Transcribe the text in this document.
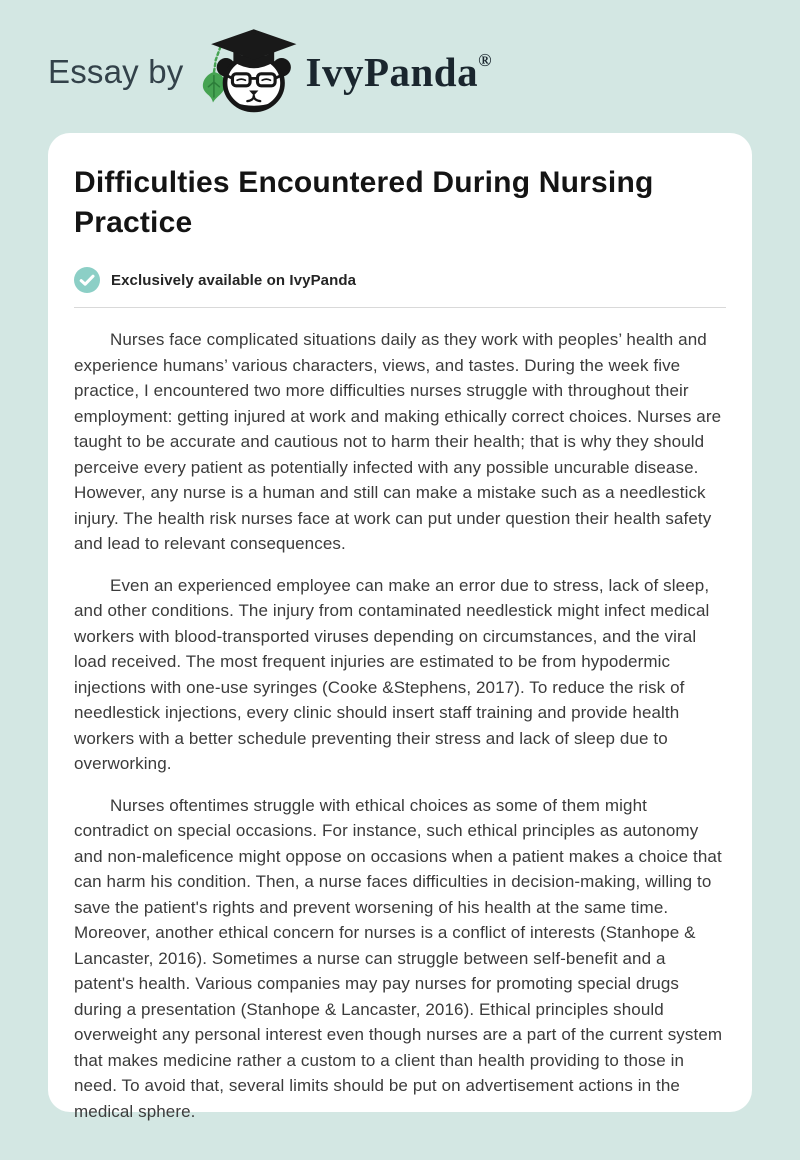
Essay by	IvyPanda®
Difficulties Encountered During Nursing Practice
Exclusively available on IvyPanda

Nurses face complicated situations daily as they work with peoples’ health and experience humans’ various characters, views, and tastes. During the week five practice, I encountered two more difficulties nurses struggle with throughout their employment: getting injured at work and making ethically correct choices. Nurses are taught to be accurate and cautious not to harm their health; that is why they should perceive every patient as potentially infected with any possible uncurable disease. However, any nurse is a human and still can make a mistake such as a needlestick injury. The health risk nurses face at work can put under question their health safety and lead to relevant consequences.

Even an experienced employee can make an error due to stress, lack of sleep, and other conditions. The injury from contaminated needlestick might infect medical workers with blood-transported viruses depending on circumstances, and the viral load received. The most frequent injuries are estimated to be from hypodermic injections with one-use syringes (Cooke &Stephens, 2017). To reduce the risk of needlestick injections, every clinic should insert staff training and provide health workers with a better schedule preventing their stress and lack of sleep due to overworking.

Nurses oftentimes struggle with ethical choices as some of them might contradict on special occasions. For instance, such ethical principles as autonomy and non-maleficence might oppose on occasions when a patient makes a choice that can harm his condition. Then, a nurse faces difficulties in decision-making, willing to save the patient's rights and prevent worsening of his health at the same time. Moreover, another ethical concern for nurses is a conflict of interests (Stanhope & Lancaster, 2016). Sometimes a nurse can struggle between self-benefit and a patent's health. Various companies may pay nurses for promoting special drugs during a presentation (Stanhope & Lancaster, 2016). Ethical principles should overweight any personal interest even though nurses are a part of the current system that makes medicine rather a custom to a client than health providing to those in need. To avoid that, several limits should be put on advertisement actions in the medical sphere.
